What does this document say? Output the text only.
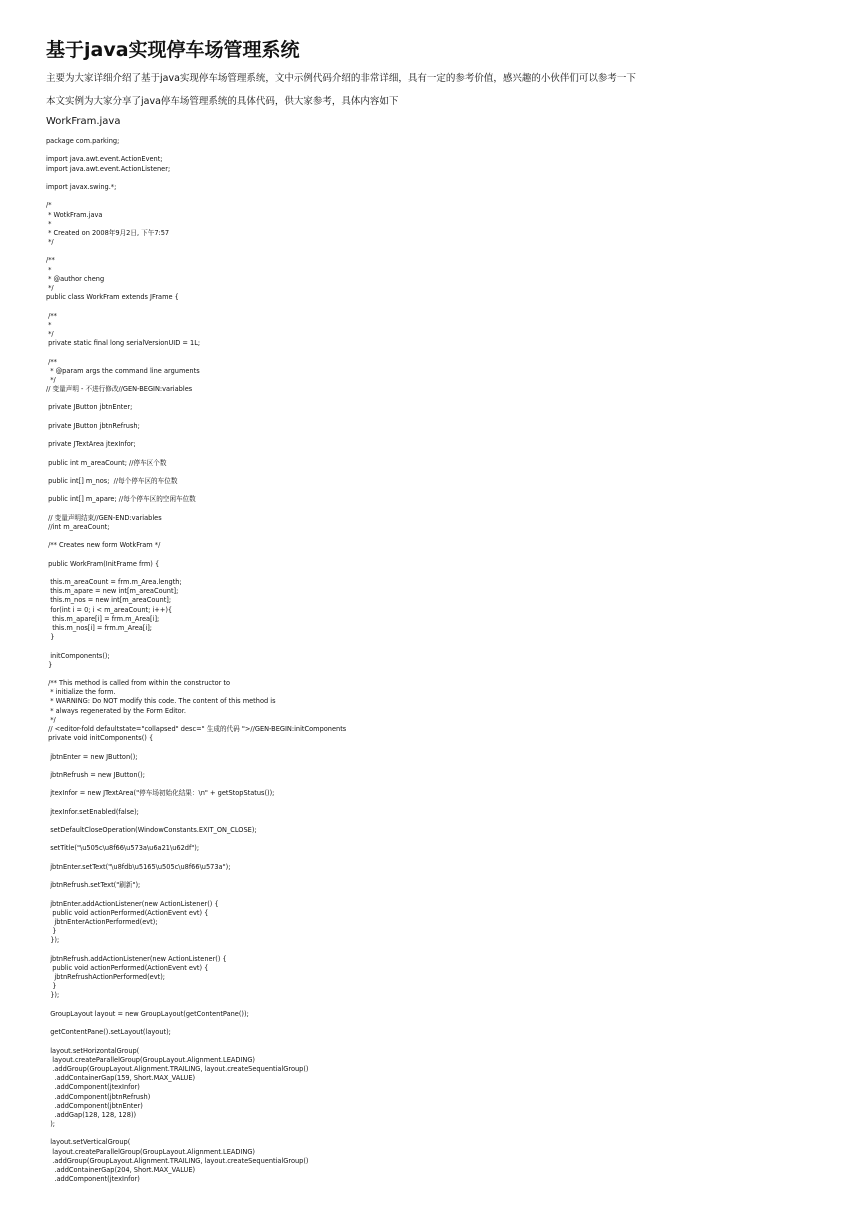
基于java实现停车场管理系统

主要为大家详细介绍了基于java实现停车场管理系统，文中示例代码介绍的非常详细，具有一定的参考价值，感兴趣的小伙伴们可以参考一下

本文实例为大家分享了java停车场管理系统的具体代码，供大家参考，具体内容如下

WorkFram.java

package com.parking;
import java.awt.event.ActionEvent;
import java.awt.event.ActionListener;
import javax.swing.*;
/*
* WotkFram.java
*
* Created on 2008年9月2日, 下午7:57
*/
/**
*
* @author cheng
*/
public class WorkFram extends JFrame {
/**
*
*/
private static final long serialVersionUID = 1L;
/**
* @param args the command line arguments
*/
// 变量声明 - 不进行修改//GEN-BEGIN:variables
private JButton jbtnEnter;
private JButton jbtnRefrush;
private JTextArea jtexInfor;
public int m_areaCount; //停车区个数
public int[] m_nos;  //每个停车区的车位数
public int[] m_apare; //每个停车区的空闲车位数
// 变量声明结束//GEN-END:variables
//int m_areaCount;
/** Creates new form WotkFram */
public WorkFram(InitFrame frm) {
this.m_areaCount = frm.m_Area.length;
this.m_apare = new int[m_areaCount];
this.m_nos = new int[m_areaCount];
for(int i = 0; i < m_areaCount; i++){
this.m_apare[i] = frm.m_Area[i];
this.m_nos[i] = frm.m_Area[i];
}
initComponents();
}
/** This method is called from within the constructor to
* initialize the form.
* WARNING: Do NOT modify this code. The content of this method is
* always regenerated by the Form Editor.
*/
// <editor-fold defaultstate="collapsed" desc=" 生成的代码 ">//GEN-BEGIN:initComponents
private void initComponents() {
jbtnEnter = new JButton();
jbtnRefrush = new JButton();
jtexInfor = new JTextArea("停车场初始化结果：\n" + getStopStatus());
jtexInfor.setEnabled(false);
setDefaultCloseOperation(WindowConstants.EXIT_ON_CLOSE);
setTitle("\u505c\u8f66\u573a\u6a21\u62df");
jbtnEnter.setText("\u8fdb\u5165\u505c\u8f66\u573a");
jbtnRefrush.setText("刷新");
jbtnEnter.addActionListener(new ActionListener() {
public void actionPerformed(ActionEvent evt) {
jbtnEnterActionPerformed(evt);
}
});
jbtnRefrush.addActionListener(new ActionListener() {
public void actionPerformed(ActionEvent evt) {
jbtnRefrushActionPerformed(evt);
}
});
GroupLayout layout = new GroupLayout(getContentPane());
getContentPane().setLayout(layout);
layout.setHorizontalGroup(
layout.createParallelGroup(GroupLayout.Alignment.LEADING)
.addGroup(GroupLayout.Alignment.TRAILING, layout.createSequentialGroup()
.addContainerGap(159, Short.MAX_VALUE)
.addComponent(jtexInfor)
.addComponent(jbtnRefrush)
.addComponent(jbtnEnter)
.addGap(128, 128, 128))
);
layout.setVerticalGroup(
layout.createParallelGroup(GroupLayout.Alignment.LEADING)
.addGroup(GroupLayout.Alignment.TRAILING, layout.createSequentialGroup()
.addContainerGap(204, Short.MAX_VALUE)
.addComponent(jtexInfor)
